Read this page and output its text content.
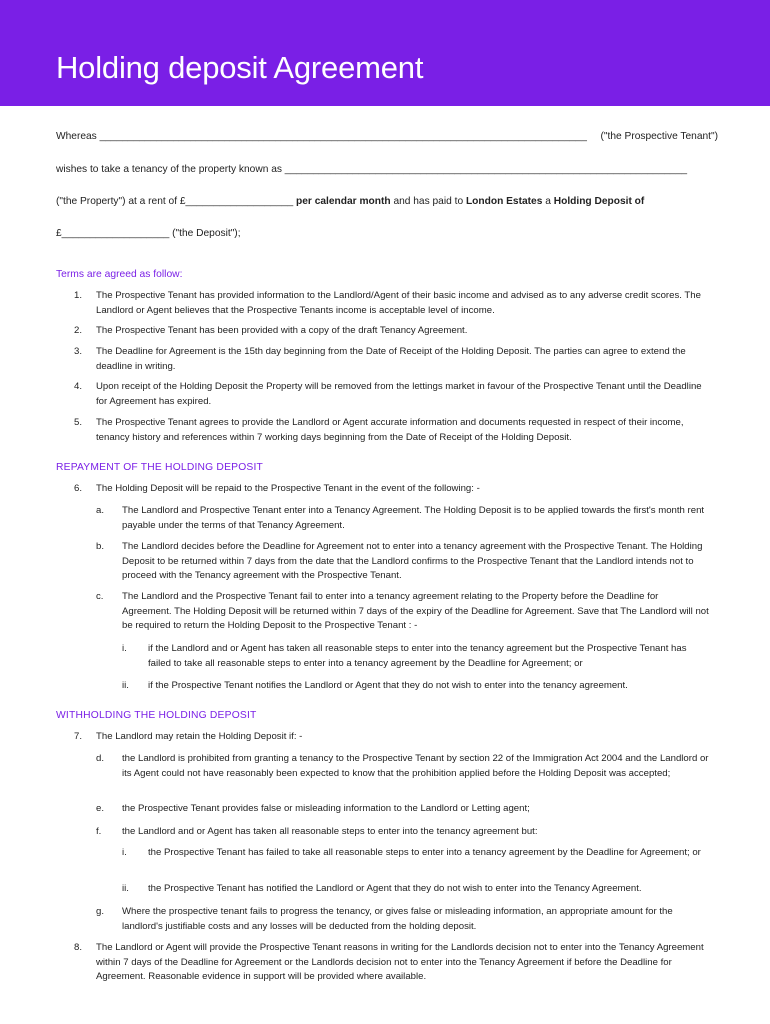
Holding deposit Agreement
Whereas ______________________________________________________________________________________ ("the Prospective Tenant")
wishes to take a tenancy of the property known as _______________________________________________________________________
("the Property") at a rent of £___________________ per calendar month and has paid to London Estates a Holding Deposit of
£___________________ ("the Deposit");
Terms are agreed as follow:
REPAYMENT OF THE HOLDING DEPOSIT
WITHHOLDING THE HOLDING DEPOSIT
1. The Prospective Tenant has provided information to the Landlord/Agent of their basic income and advised as to any adverse credit scores. The Landlord or Agent believes that the Prospective Tenants income is acceptable level of income.
2. The Prospective Tenant has been provided with a copy of the draft Tenancy Agreement.
3. The Deadline for Agreement is the 15th day beginning from the Date of Receipt of the Holding Deposit. The parties can agree to extend the deadline in writing.
4. Upon receipt of the Holding Deposit the Property will be removed from the lettings market in favour of the Prospective Tenant until the Deadline for Agreement has expired.
5. The Prospective Tenant agrees to provide the Landlord or Agent accurate information and documents requested in respect of their income, tenancy history and references within 7 working days beginning from the Date of Receipt of the Holding Deposit.
6. The Holding Deposit will be repaid to the Prospective Tenant in the event of the following: -
a. The Landlord and Prospective Tenant enter into a Tenancy Agreement. The Holding Deposit is to be applied towards the first's month rent payable under the terms of that Tenancy Agreement.
b. The Landlord decides before the Deadline for Agreement not to enter into a tenancy agreement with the Prospective Tenant. The Holding Deposit to be returned within 7 days from the date that the Landlord confirms to the Prospective Tenant that the Landlord intends not to proceed with the Tenancy agreement with the Prospective Tenant.
c. The Landlord and the Prospective Tenant fail to enter into a tenancy agreement relating to the Property before the Deadline for Agreement. The Holding Deposit will be returned within 7 days of the expiry of the Deadline for Agreement. Save that The Landlord will not be required to return the Holding Deposit to the Prospective Tenant : -
i. if the Landlord and or Agent has taken all reasonable steps to enter into the tenancy agreement but the Prospective Tenant has failed to take all reasonable steps to enter into a tenancy agreement by the Deadline for Agreement; or
ii. if the Prospective Tenant notifies the Landlord or Agent that they do not wish to enter into the tenancy agreement.
7. The Landlord may retain the Holding Deposit if: -
d. the Landlord is prohibited from granting a tenancy to the Prospective Tenant by section 22 of the Immigration Act 2004 and the Landlord or its Agent could not have reasonably been expected to know that the prohibition applied before the Holding Deposit was accepted;
e. the Prospective Tenant provides false or misleading information to the Landlord or Letting agent;
f. the Landlord and or Agent has taken all reasonable steps to enter into the tenancy agreement but:
i. the Prospective Tenant has failed to take all reasonable steps to enter into a tenancy agreement by the Deadline for Agreement; or
ii. the Prospective Tenant has notified the Landlord or Agent that they do not wish to enter into the Tenancy Agreement.
g. Where the prospective tenant fails to progress the tenancy, or gives false or misleading information, an appropriate amount for the landlord's justifiable costs and any losses will be deducted from the holding deposit.
8. The Landlord or Agent will provide the Prospective Tenant reasons in writing for the Landlords decision not to enter into the Tenancy Agreement within 7 days of the Deadline for Agreement or the Landlords decision not to enter into the Tenancy Agreement if before the Deadline for Agreement. Reasonable evidence in support will be provided where available.
